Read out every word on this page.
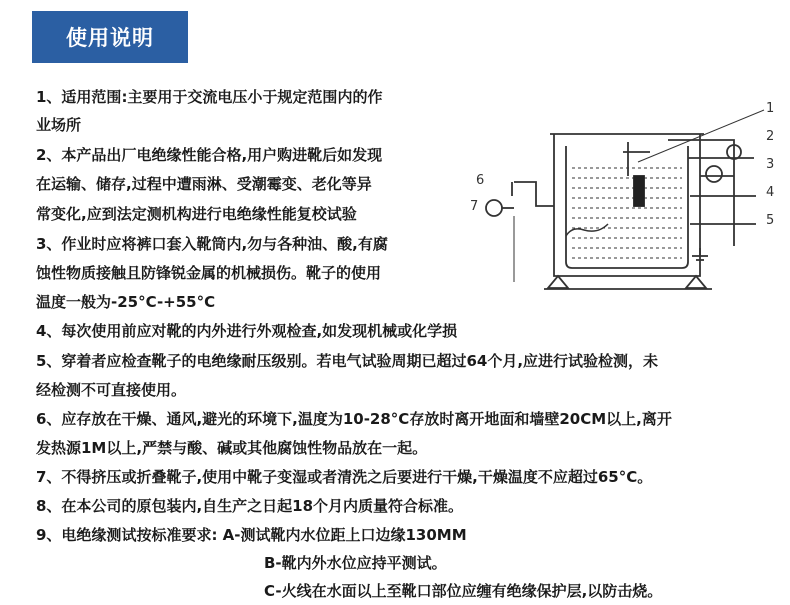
使用说明
1、适用范围:主要用于交流电压小于规定范围内的作
业场所
2、本产品出厂电绝缘性能合格,用户购进靴后如发现
在运输、储存,过程中遭雨淋、受潮霉变、老化等异
常变化,应到法定测机构进行电绝缘性能复校试验
3、作业时应将裤口套入靴筒内,勿与各种油、酸,有腐
蚀性物质接触且防锋锐金属的机械损伤。靴子的使用
温度一般为-25°C-+55°C
4、每次使用前应对靴的内外进行外观检查,如发现机械或化学损
5、穿着者应检查靴子的电绝缘耐压级别。若电气试验周期已超过64个月,应进行试验检测，未
经检测不可直接使用。
6、应存放在干燥、通风,避光的环境下,温度为10-28°C存放时离开地面和墙壁20CM以上,离开
发热源1M以上,严禁与酸、碱或其他腐蚀性物品放在一起。
7、不得挤压或折叠靴子,使用中靴子变湿或者清洗之后要进行干燥,干燥温度不应超过65°C。
8、在本公司的原包装内,自生产之日起18个月内质量符合标准。
9、电绝缘测试按标准要求: A-测试靴内水位距上口边缘130MM
B-靴内外水位应持平测试。
C-火线在水面以上至靴口部位应缠有绝缘保护层,以防击烧。
1
2
3
4
5
6
7
